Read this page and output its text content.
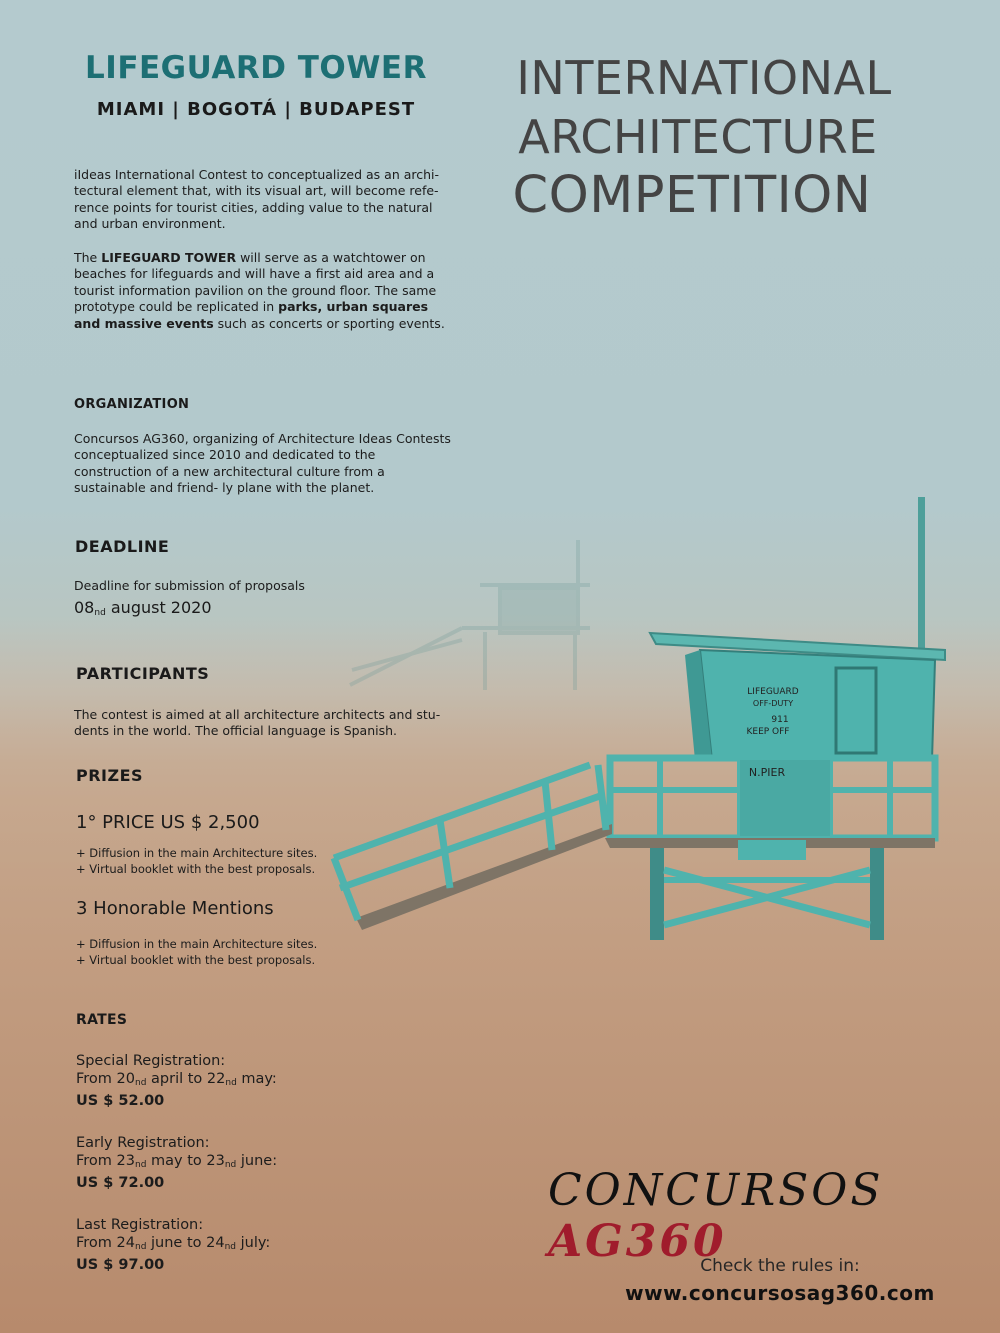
LIFEGUARD
OFF-DUTY
911
KEEP OFF
N.PIER
LIFEGUARD TOWER
MIAMI | BOGOTÁ | BUDAPEST
INTERNATIONAL
ARCHITECTURE
COMPETITION
iIdeas International Contest to conceptualized as an archi- tectural element that, with its visual art, will become refe- rence points for tourist cities, adding value to the natural and urban environment.
The LIFEGUARD TOWER will serve as a watchtower on beaches for lifeguards and will have a first aid area and a tourist information pavilion on the ground floor. The same prototype could be replicated in parks, urban squares and massive events such as concerts or sporting events.
ORGANIZATION
Concursos AG360, organizing of Architecture Ideas Contests conceptualized since 2010 and dedicated to the construction of a new architectural culture from a sustainable and friend- ly plane with the planet.
DEADLINE
Deadline for submission of proposals
$08_{nd}$ august 2020
PARTICIPANTS
The contest is aimed at all architecture architects and stu- dents in the world. The official language is Spanish.
PRIZES
1° PRICE US $ 2,500
+ Diffusion in the main Architecture sites.
+ Virtual booklet with the best proposals.
3 Honorable Mentions
+ Diffusion in the main Architecture sites.
+ Virtual booklet with the best proposals.
RATES
Special Registration:
From $20_{nd}$ april to $22_{nd}$ may:
US $ 52.00
Early Registration:
From $23_{nd}$ may to $23_{nd}$ june:
US $ 72.00
Last Registration:
From $24_{nd}$ june to $24_{nd}$ july:
US $ 97.00
CONCURSOS AG360
Check the rules in:
www.concursosag360.com
